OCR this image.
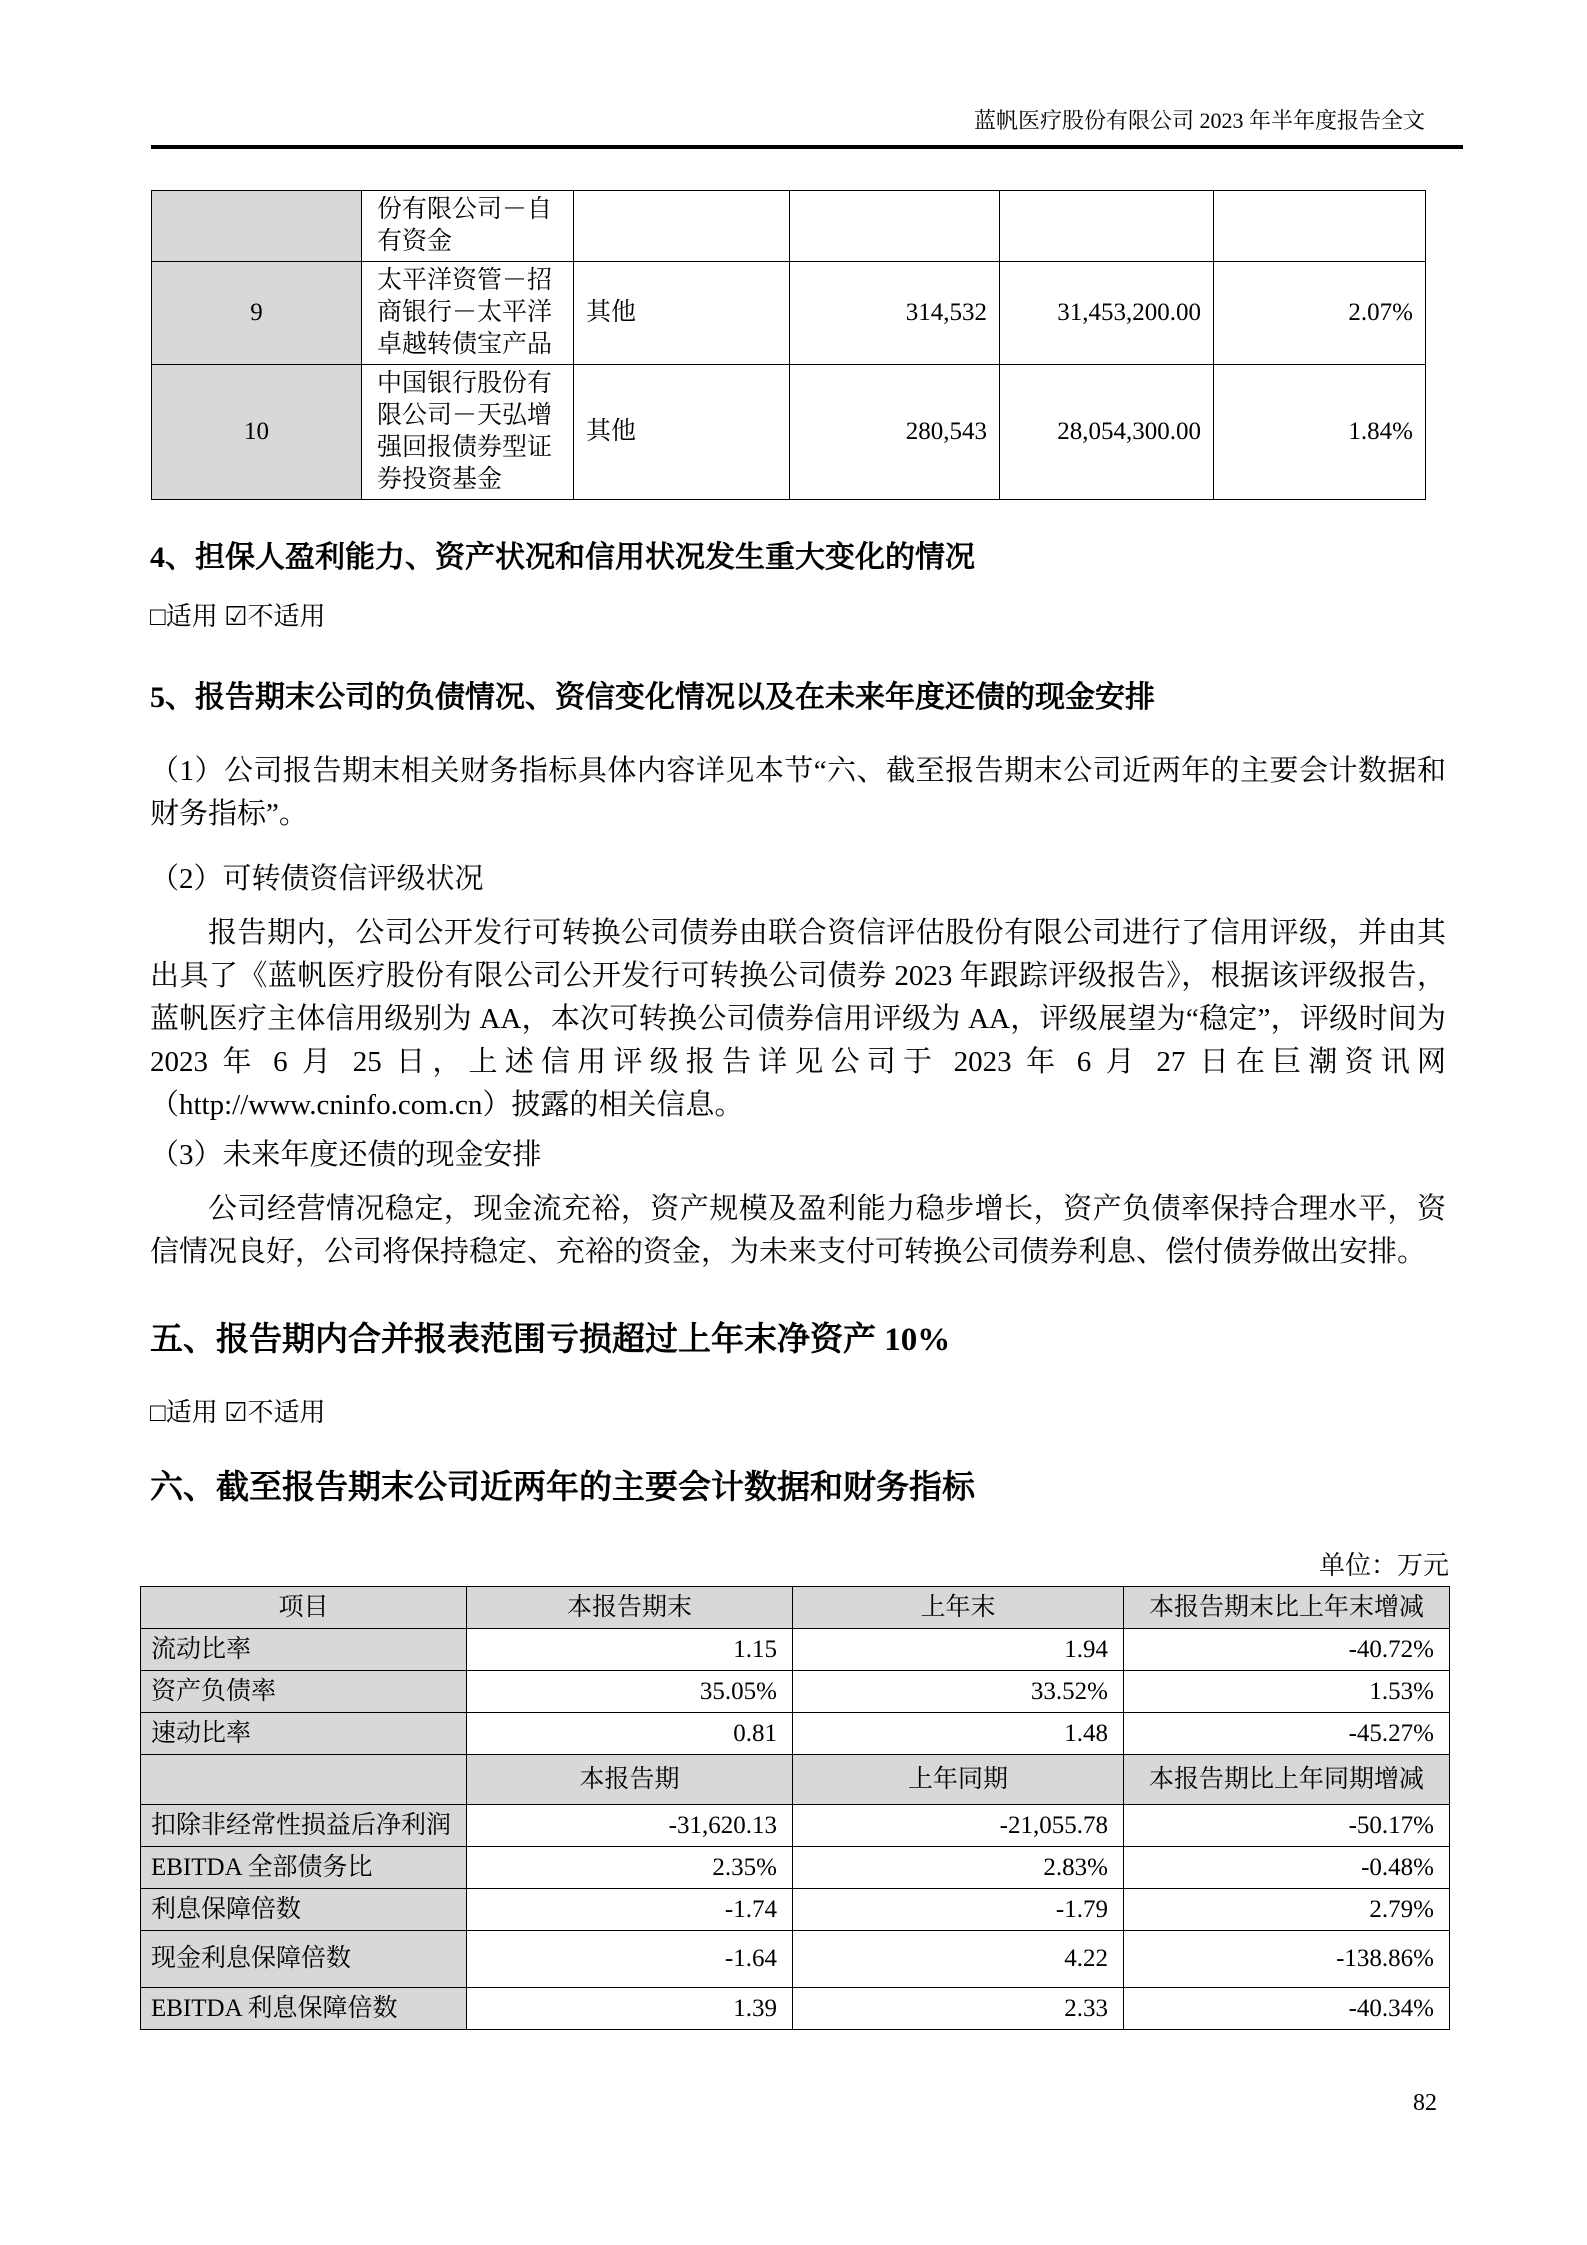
蓝帆医疗股份有限公司 2023 年半年度报告全文
	份有限公司－自有资金				
9	太平洋资管－招商银行－太平洋卓越转债宝产品	其他	314,532	31,453,200.00	2.07%
10	中国银行股份有限公司－天弘增强回报债券型证券投资基金	其他	280,543	28,054,300.00	1.84%
4、担保人盈利能力、资产状况和信用状况发生重大变化的情况
□适用 ☑不适用
5、报告期末公司的负债情况、资信变化情况以及在未来年度还债的现金安排

（1）公司报告期末相关财务指标具体内容详见本节“六、截至报告期末公司近两年的主要会计数据和财务指标”。

（2）可转债资信评级状况

报告期内，公司公开发行可转换公司债券由联合资信评估股份有限公司进行了信用评级，并由其出具了《蓝帆医疗股份有限公司公开发行可转换公司债券 2023 年跟踪评级报告》，根据该评级报告，蓝帆医疗主体信用级别为 AA，本次可转换公司债券信用评级为 AA，评级展望为“稳定”，评级时间为 2023 年 6 月 25 日，上述信用评级报告详见公司于 2023 年 6 月 27 日在巨潮资讯网（http://www.cninfo.com.cn）披露的相关信息。

（3）未来年度还债的现金安排

公司经营情况稳定，现金流充裕，资产规模及盈利能力稳步增长，资产负债率保持合理水平，资信情况良好，公司将保持稳定、充裕的资金，为未来支付可转换公司债券利息、偿付债券做出安排。

五、报告期内合并报表范围亏损超过上年末净资产 10%
□适用 ☑不适用
六、截至报告期末公司近两年的主要会计数据和财务指标
单位：万元
项目	本报告期末	上年末	本报告期末比上年末增减
流动比率	1.15	1.94	-40.72%
资产负债率	35.05%	33.52%	1.53%
速动比率	0.81	1.48	-45.27%
	本报告期	上年同期	本报告期比上年同期增减
扣除非经常性损益后净利润	-31,620.13	-21,055.78	-50.17%
EBITDA 全部债务比	2.35%	2.83%	-0.48%
利息保障倍数	-1.74	-1.79	2.79%
现金利息保障倍数	-1.64	4.22	-138.86%
EBITDA 利息保障倍数	1.39	2.33	-40.34%
82
